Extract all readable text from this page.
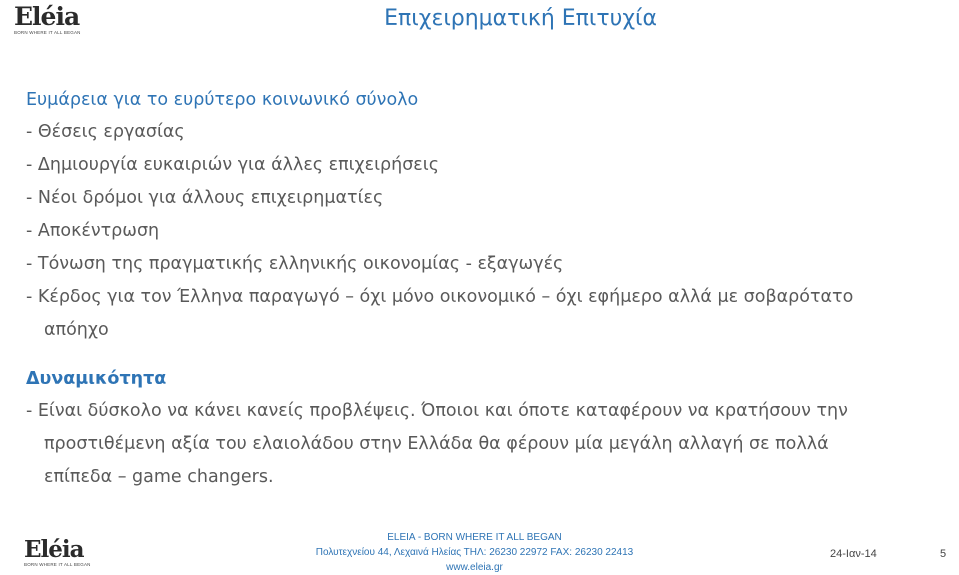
Eléia
BORN WHERE IT ALL BEGAN
Επιχειρηματική Επιτυχία

Ευμάρεια για το ευρύτερο κοινωνικό σύνολο

- Θέσεις εργασίας

- Δημιουργία ευκαιριών για άλλες επιχειρήσεις

- Νέοι δρόμοι για άλλους επιχειρηματίες

- Αποκέντρωση

- Τόνωση της πραγματικής ελληνικής οικονομίας - εξαγωγές

- Κέρδος για τον Έλληνα παραγωγό – όχι μόνο οικονομικό – όχι εφήμερο αλλά με σοβαρότατο απόηχο

Δυναμικότητα

- Είναι δύσκολο να κάνει κανείς προβλέψεις. Όποιοι και όποτε καταφέρουν να κρατήσουν την προστιθέμενη αξία του ελαιολάδου στην Ελλάδα θα φέρουν μία μεγάλη αλλαγή σε πολλά επίπεδα – game changers.

Eléia
BORN WHERE IT ALL BEGAN
ELEIA - BORN WHERE IT ALL BEGAN
Πολυτεχνείου 44, Λεχαινά Ηλείας ΤΗΛ: 26230 22972 FAX: 26230 22413
www.eleia.gr
24-Ιαν-14	5
